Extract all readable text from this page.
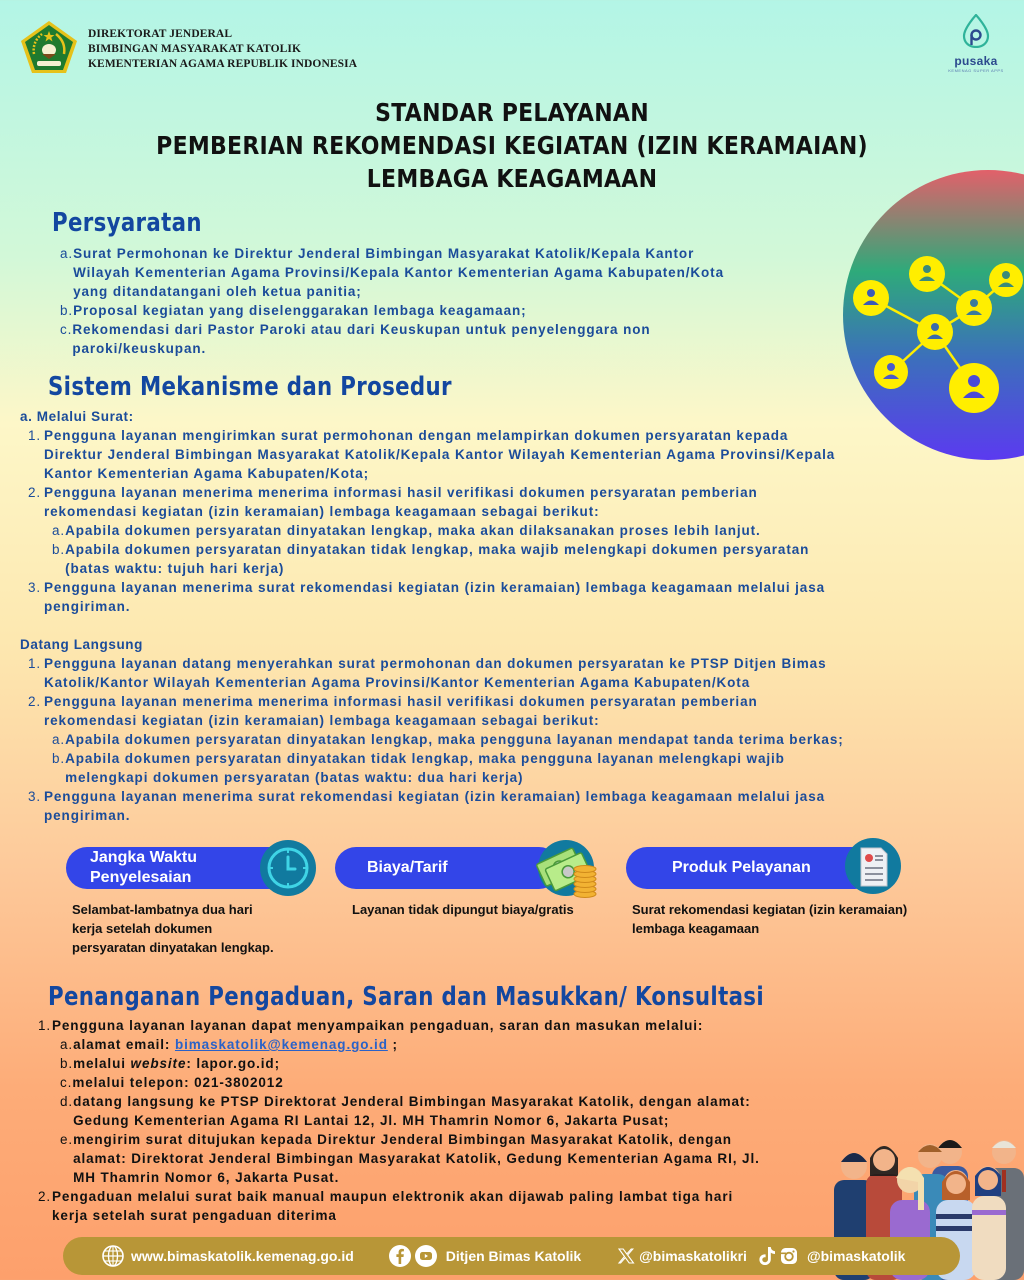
DIREKTORAT JENDERAL
BIMBINGAN MASYARAKAT KATOLIK
KEMENTERIAN AGAMA REPUBLIK INDONESIA	pusaka
KEMENAG SUPER APPS
STANDAR PELAYANAN
PEMBERIAN REKOMENDASI KEGIATAN (IZIN KERAMAIAN)
LEMBAGA KEAGAMAAN
Persyaratan
a. Surat Permohonan ke Direktur Jenderal Bimbingan Masyarakat Katolik/Kepala Kantor
Wilayah Kementerian Agama Provinsi/Kepala Kantor Kementerian Agama Kabupaten/Kota
yang ditandatangani oleh ketua panitia;
b. Proposal kegiatan yang diselenggarakan lembaga keagamaan;
c. Rekomendasi dari Pastor Paroki atau dari Keuskupan untuk penyelenggara non
paroki/keuskupan.
Sistem Mekanisme dan Prosedur
a. Melalui Surat:
1. Pengguna layanan mengirimkan surat permohonan dengan melampirkan dokumen persyaratan kepada
Direktur Jenderal Bimbingan Masyarakat Katolik/Kepala Kantor Wilayah Kementerian Agama Provinsi/Kepala
Kantor Kementerian Agama Kabupaten/Kota;
2. Pengguna layanan menerima menerima informasi hasil verifikasi dokumen persyaratan pemberian
rekomendasi kegiatan (izin keramaian) lembaga keagamaan sebagai berikut:
a. Apabila dokumen persyaratan dinyatakan lengkap, maka akan dilaksanakan proses lebih lanjut.
b. Apabila dokumen persyaratan dinyatakan tidak lengkap, maka wajib melengkapi dokumen persyaratan
(batas waktu: tujuh hari kerja)
3. Pengguna layanan menerima surat rekomendasi kegiatan (izin keramaian) lembaga keagamaan melalui jasa
pengiriman.
Datang Langsung
1. Pengguna layanan datang menyerahkan surat permohonan dan dokumen persyaratan ke PTSP Ditjen Bimas
Katolik/Kantor Wilayah Kementerian Agama Provinsi/Kantor Kementerian Agama Kabupaten/Kota
2. Pengguna layanan menerima menerima informasi hasil verifikasi dokumen persyaratan pemberian
rekomendasi kegiatan (izin keramaian) lembaga keagamaan sebagai berikut:
a. Apabila dokumen persyaratan dinyatakan lengkap, maka pengguna layanan mendapat tanda terima berkas;
b. Apabila dokumen persyaratan dinyatakan tidak lengkap, maka pengguna layanan melengkapi wajib
melengkapi dokumen persyaratan (batas waktu: dua hari kerja)
3. Pengguna layanan menerima surat rekomendasi kegiatan (izin keramaian) lembaga keagamaan melalui jasa
pengiriman.
Jangka Waktu
Penyelesaian
Selambat-lambatnya dua hari
kerja setelah dokumen
persyaratan dinyatakan lengkap.
Biaya/Tarif
Layanan tidak dipungut biaya/gratis
Produk Pelayanan
Surat rekomendasi kegiatan (izin keramaian)
lembaga keagamaan
Penanganan Pengaduan, Saran dan Masukkan/ Konsultasi
1. Pengguna layanan layanan dapat menyampaikan pengaduan, saran dan masukan melalui:
a. alamat email: bimaskatolik@kemenag.go.id ;
b. melalui website: lapor.go.id;
c. melalui telepon: 021-3802012
d. datang langsung ke PTSP Direktorat Jenderal Bimbingan Masyarakat Katolik, dengan alamat:
Gedung Kementerian Agama RI Lantai 12, Jl. MH Thamrin Nomor 6, Jakarta Pusat;
e. mengirim surat ditujukan kepada Direktur Jenderal Bimbingan Masyarakat Katolik, dengan
alamat: Direktorat Jenderal Bimbingan Masyarakat Katolik, Gedung Kementerian Agama RI, Jl.
MH Thamrin Nomor 6, Jakarta Pusat.
2. Pengaduan melalui surat baik manual maupun elektronik akan dijawab paling lambat tiga hari
kerja setelah surat pengaduan diterima
www.bimaskatolik.kemenag.go.id	Ditjen Bimas Katolik	@bimaskatolikri	@bimaskatolik
